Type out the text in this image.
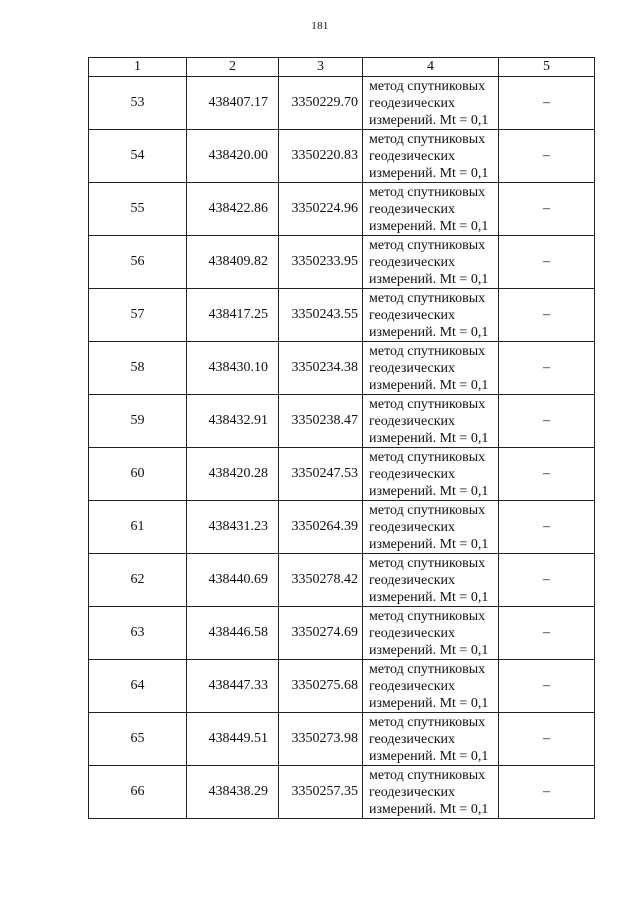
181
1	2	3	4	5
53	438407.17	3350229.70	метод спутниковых
геодезических
измерений. Mt = 0,1	–
54	438420.00	3350220.83	метод спутниковых
геодезических
измерений. Mt = 0,1	–
55	438422.86	3350224.96	метод спутниковых
геодезических
измерений. Mt = 0,1	–
56	438409.82	3350233.95	метод спутниковых
геодезических
измерений. Mt = 0,1	–
57	438417.25	3350243.55	метод спутниковых
геодезических
измерений. Mt = 0,1	–
58	438430.10	3350234.38	метод спутниковых
геодезических
измерений. Mt = 0,1	–
59	438432.91	3350238.47	метод спутниковых
геодезических
измерений. Mt = 0,1	–
60	438420.28	3350247.53	метод спутниковых
геодезических
измерений. Mt = 0,1	–
61	438431.23	3350264.39	метод спутниковых
геодезических
измерений. Mt = 0,1	–
62	438440.69	3350278.42	метод спутниковых
геодезических
измерений. Mt = 0,1	–
63	438446.58	3350274.69	метод спутниковых
геодезических
измерений. Mt = 0,1	–
64	438447.33	3350275.68	метод спутниковых
геодезических
измерений. Mt = 0,1	–
65	438449.51	3350273.98	метод спутниковых
геодезических
измерений. Mt = 0,1	–
66	438438.29	3350257.35	метод спутниковых
геодезических
измерений. Mt = 0,1	–
